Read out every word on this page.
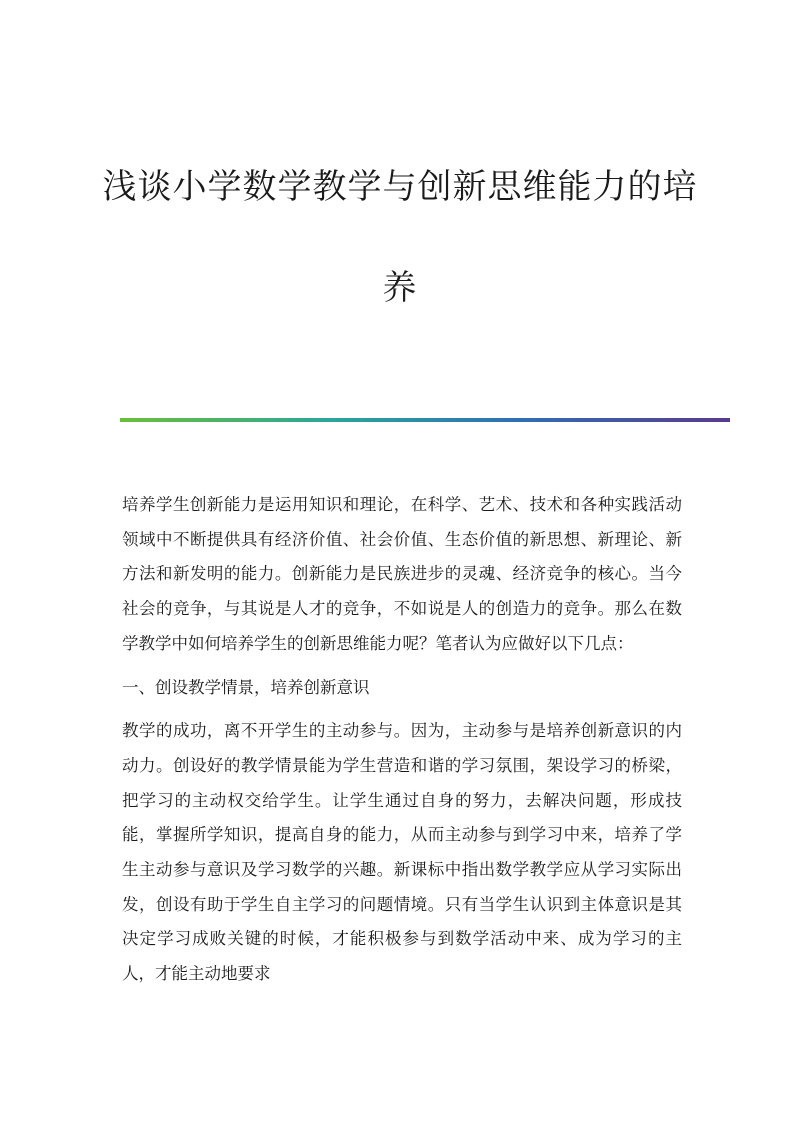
浅谈小学数学教学与创新思维能力的培
养

培养学生创新能力是运用知识和理论，在科学、艺术、技术和各种实践活动领域中不断提供具有经济价值、社会价值、生态价值的新思想、新理论、新方法和新发明的能力。创新能力是民族进步的灵魂、经济竞争的核心。当今社会的竞争，与其说是人才的竞争，不如说是人的创造力的竞争。那么在数学教学中如何培养学生的创新思维能力呢？笔者认为应做好以下几点：

一、创设教学情景，培养创新意识

教学的成功，离不开学生的主动参与。因为，主动参与是培养创新意识的内动力。创设好的教学情景能为学生营造和谐的学习氛围，架设学习的桥梁，把学习的主动权交给学生。让学生通过自身的努力，去解决问题，形成技能，掌握所学知识，提高自身的能力，从而主动参与到学习中来，培养了学生主动参与意识及学习数学的兴趣。新课标中指出数学教学应从学习实际出发，创设有助于学生自主学习的问题情境。只有当学生认识到主体意识是其决定学习成败关键的时候，才能积极参与到数学活动中来、成为学习的主人，才能主动地要求
